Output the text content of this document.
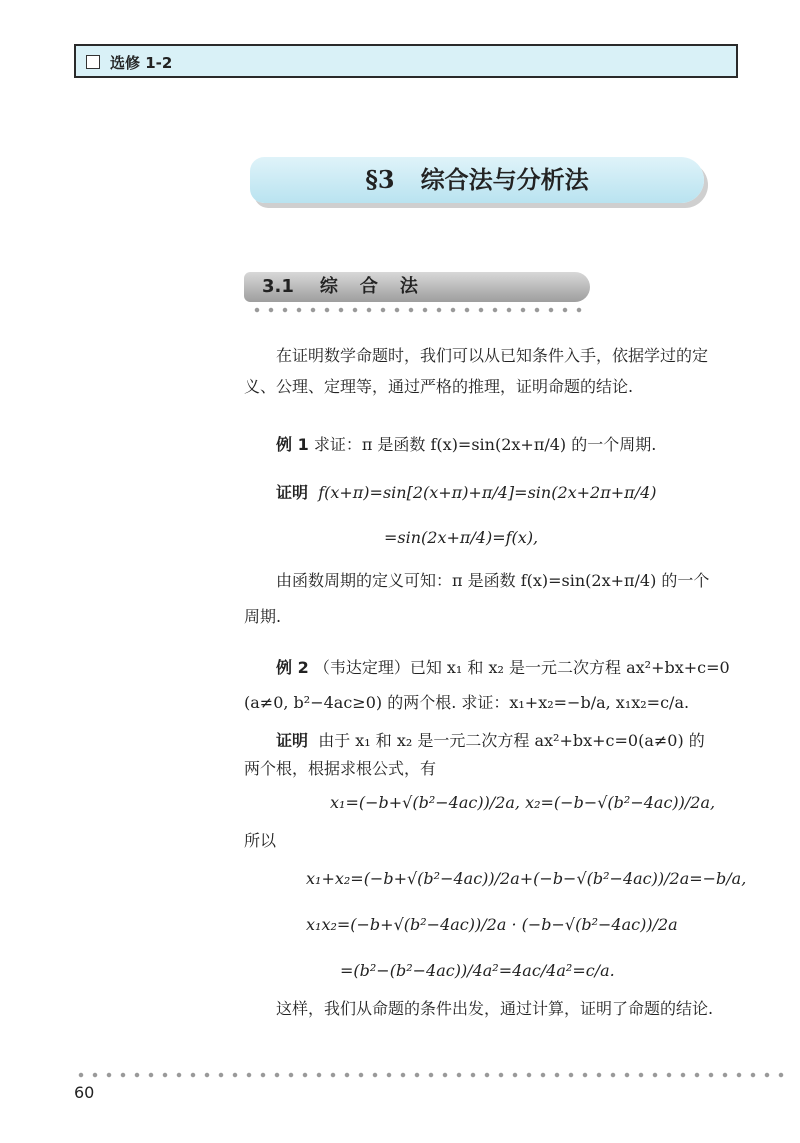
选修 1-2
§3 综合法与分析法
3.1 综合法
在证明数学命题时，我们可以从已知条件入手，依据学过的定
义、公理、定理等，通过严格的推理，证明命题的结论.
例 1 求证：π 是函数 f(x)=sin(2x+π/4) 的一个周期.
证明 f(x+π)=sin[2(x+π)+π/4]=sin(2x+2π+π/4)
=sin(2x+π/4)=f(x),
由函数周期的定义可知：π 是函数 f(x)=sin(2x+π/4) 的一个
周期.
例 2 （韦达定理）已知 x₁ 和 x₂ 是一元二次方程 ax²+bx+c=0
(a≠0, b²−4ac≥0) 的两个根. 求证：x₁+x₂=−b/a, x₁x₂=c/a.
证明 由于 x₁ 和 x₂ 是一元二次方程 ax²+bx+c=0(a≠0) 的
两个根，根据求根公式，有
x₁=(−b+√(b²−4ac))/2a, x₂=(−b−√(b²−4ac))/2a,
所以
x₁+x₂=(−b+√(b²−4ac))/2a+(−b−√(b²−4ac))/2a=−b/a,
x₁x₂=(−b+√(b²−4ac))/2a · (−b−√(b²−4ac))/2a
=(b²−(b²−4ac))/4a²=4ac/4a²=c/a.
这样，我们从命题的条件出发，通过计算，证明了命题的结论.
60
